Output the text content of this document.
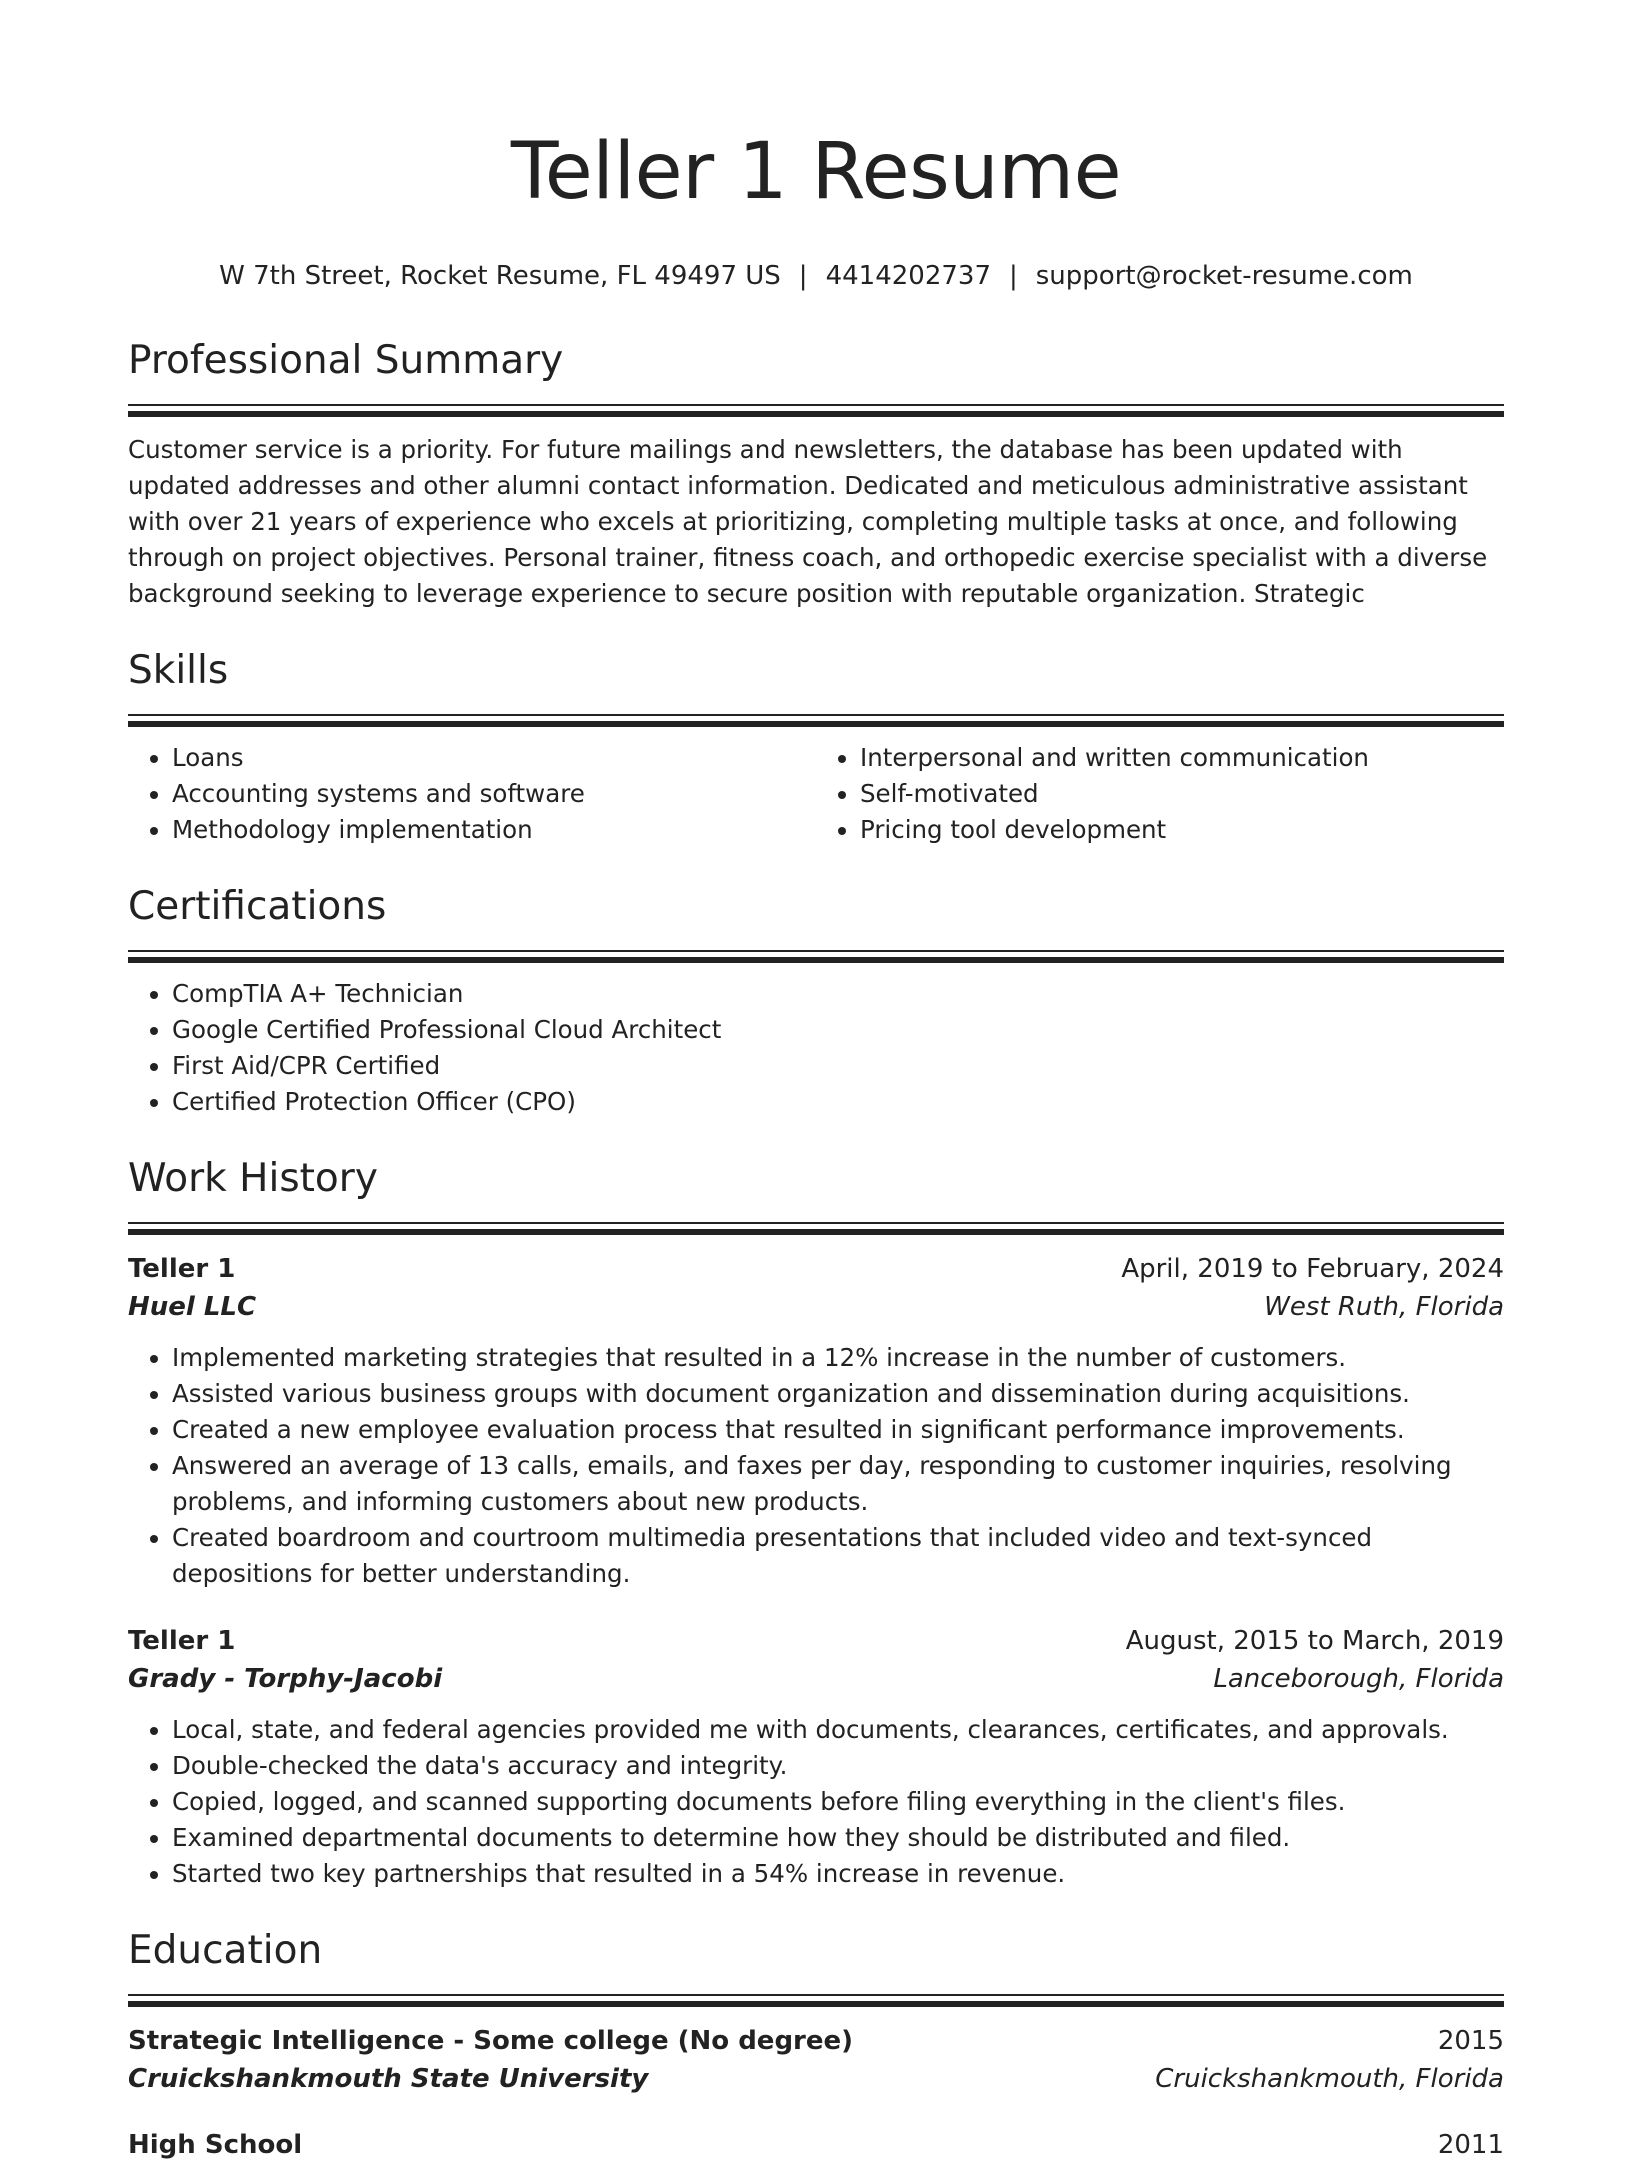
Teller 1 Resume
W 7th Street, Rocket Resume, FL 49497 US | 4414202737 | support@rocket-resume.com
Professional Summary
Customer service is a priority. For future mailings and newsletters, the database has been updated with updated addresses and other alumni contact information. Dedicated and meticulous administrative assistant with over 21 years of experience who excels at prioritizing, completing multiple tasks at once, and following through on project objectives. Personal trainer, fitness coach, and orthopedic exercise specialist with a diverse background seeking to leverage experience to secure position with reputable organization. Strategic
Skills
• Loans
• Accounting systems and software
• Methodology implementation
• Interpersonal and written communication
• Self-motivated
• Pricing tool development
Certifications
• CompTIA A+ Technician
• Google Certified Professional Cloud Architect
• First Aid/CPR Certified
• Certified Protection Officer (CPO)
Work History
Teller 1	April, 2019 to February, 2024
Huel LLC	West Ruth, Florida
• Implemented marketing strategies that resulted in a 12% increase in the number of customers.
• Assisted various business groups with document organization and dissemination during acquisitions.
• Created a new employee evaluation process that resulted in significant performance improvements.
• Answered an average of 13 calls, emails, and faxes per day, responding to customer inquiries, resolving problems, and informing customers about new products.
• Created boardroom and courtroom multimedia presentations that included video and text-synced depositions for better understanding.
Teller 1	August, 2015 to March, 2019
Grady - Torphy-Jacobi	Lanceborough, Florida
• Local, state, and federal agencies provided me with documents, clearances, certificates, and approvals.
• Double-checked the data's accuracy and integrity.
• Copied, logged, and scanned supporting documents before filing everything in the client's files.
• Examined departmental documents to determine how they should be distributed and filed.
• Started two key partnerships that resulted in a 54% increase in revenue.
Education
Strategic Intelligence - Some college (No degree)	2015
Cruickshankmouth State University	Cruickshankmouth, Florida
High School	2011
